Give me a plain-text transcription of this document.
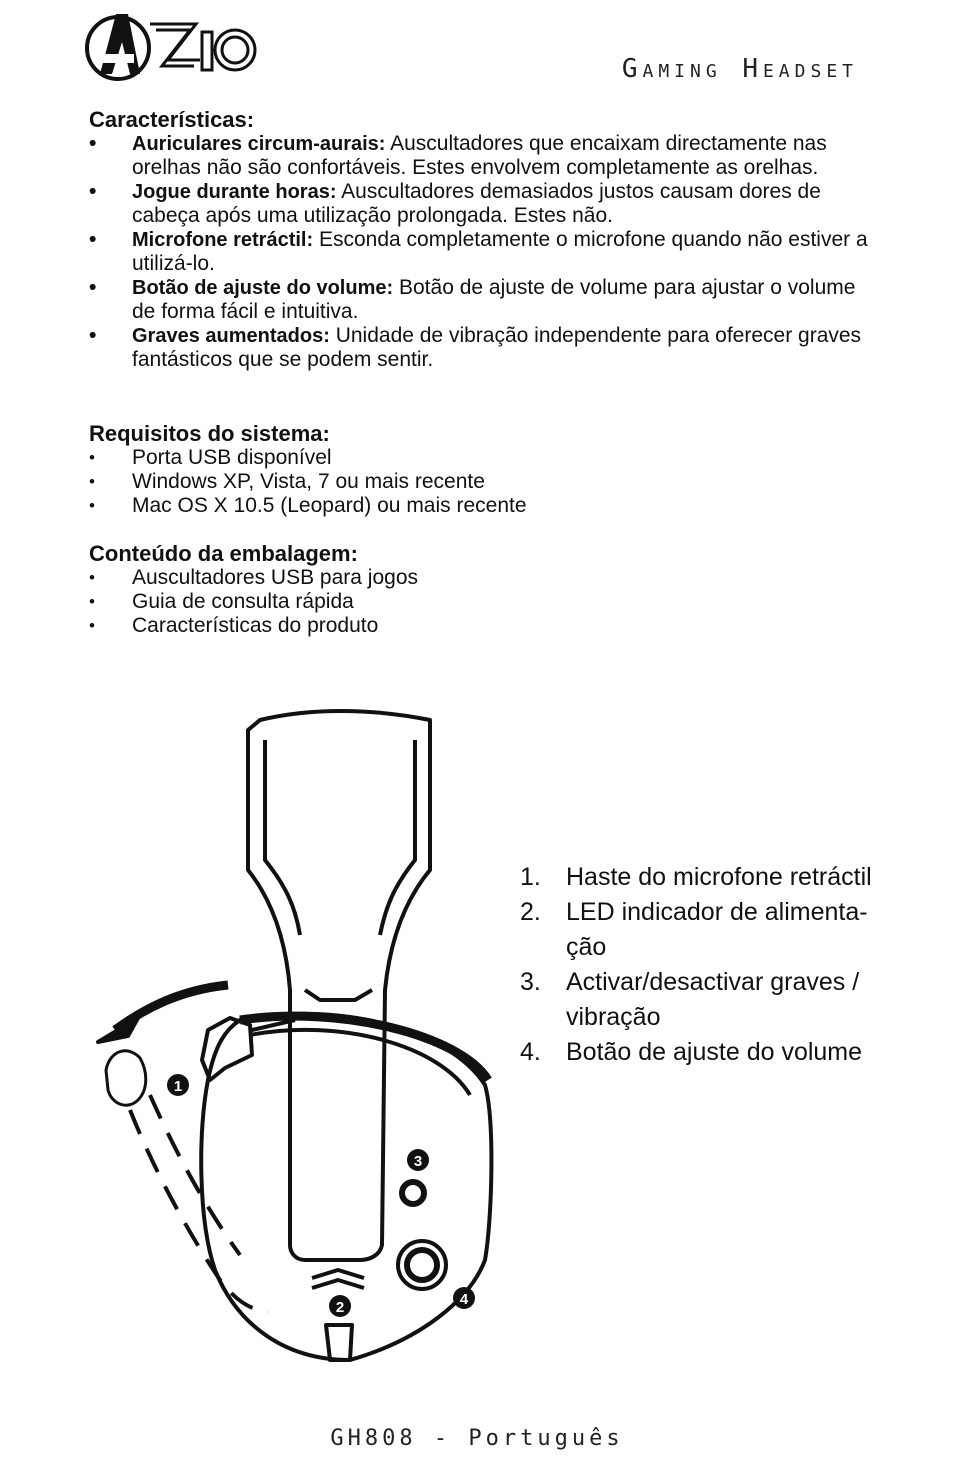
Gaming Headset
Características:
• Auriculares circum-aurais: Auscultadores que encaixam directamente nas orelhas não são confortáveis. Estes envolvem completamente as orelhas.
• Jogue durante horas: Auscultadores demasiados justos causam dores de cabeça após uma utilização prolongada. Estes não.
• Microfone retráctil: Esconda completamente o microfone quando não estiver a utilizá-lo.
• Botão de ajuste do volume: Botão de ajuste de volume para ajustar o volume de forma fácil e intuitiva.
• Graves aumentados: Unidade de vibração independente para oferecer graves fantásticos que se podem sentir.
Requisitos do sistema:
• Porta USB disponível
• Windows XP, Vista, 7 ou mais recente
• Mac OS X 10.5 (Leopard) ou mais recente
Conteúdo da embalagem:
• Auscultadores USB para jogos
• Guia de consulta rápida
• Características do produto
1
3
2	4
1. Haste do microfone retráctil
2. LED indicador de alimenta-ção
3. Activar/desactivar graves / vibração
4. Botão de ajuste do volume
GH808 - Português
